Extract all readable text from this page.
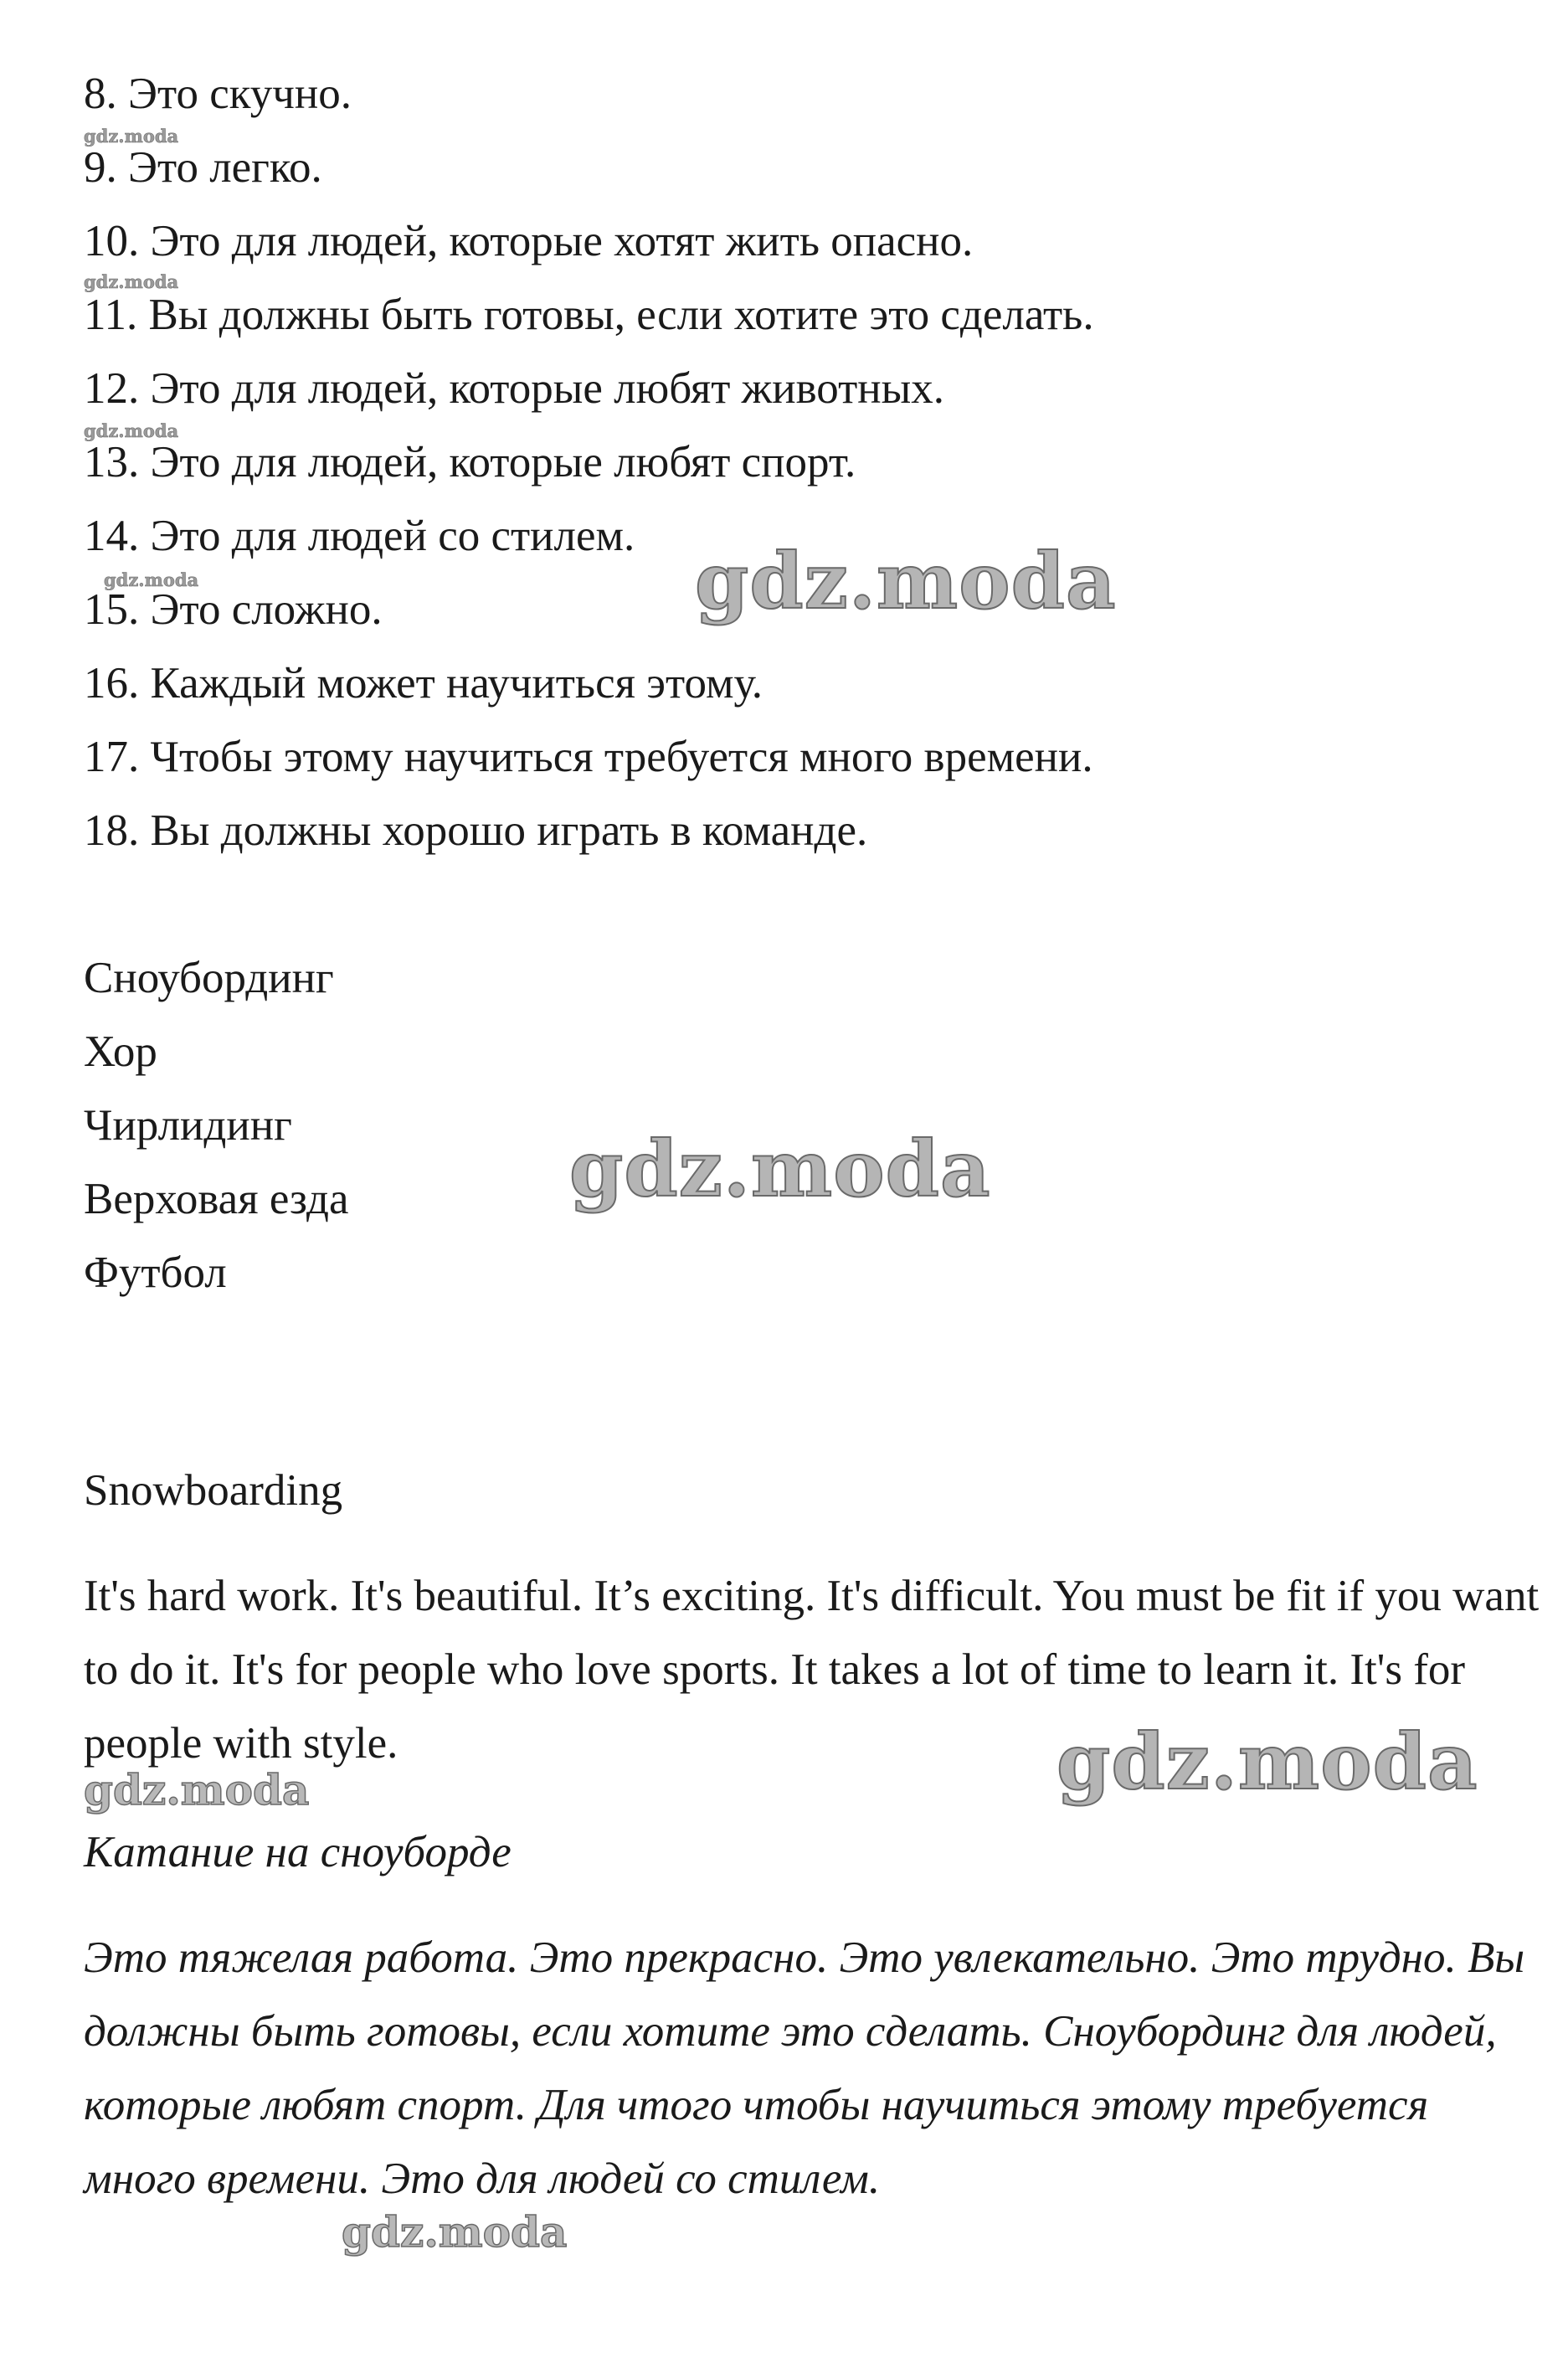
8. Это скучно.
9. Это легко.
10. Это для людей, которые хотят жить опасно.
11. Вы должны быть готовы, если хотите это сделать.
12. Это для людей, которые любят животных.
13. Это для людей, которые любят спорт.
14. Это для людей со стилем.
15. Это сложно.
16. Каждый может научиться этому.
17. Чтобы этому научиться требуется много времени.
18. Вы должны хорошо играть в команде.
Сноубординг
Хор
Чирлидинг
Верховая езда
Футбол
Snowboarding
It's hard work. It's beautiful. It’s exciting. It's difficult. You must be fit if you want to do it. It's for people who love sports. It takes a lot of time to learn it. It's for people with style.
Катание на сноуборде
Это тяжелая работа. Это прекрасно. Это увлекательно. Это трудно. Вы должны быть готовы, если хотите это сделать. Сноубординг для людей, которые любят спорт. Для чтого чтобы научиться этому требуется много времени. Это для людей со стилем.
gdz.moda
gdz.moda
gdz.moda
gdz.moda	gdz.moda
gdz.moda
gdz.moda
gdz.moda
gdz.moda
